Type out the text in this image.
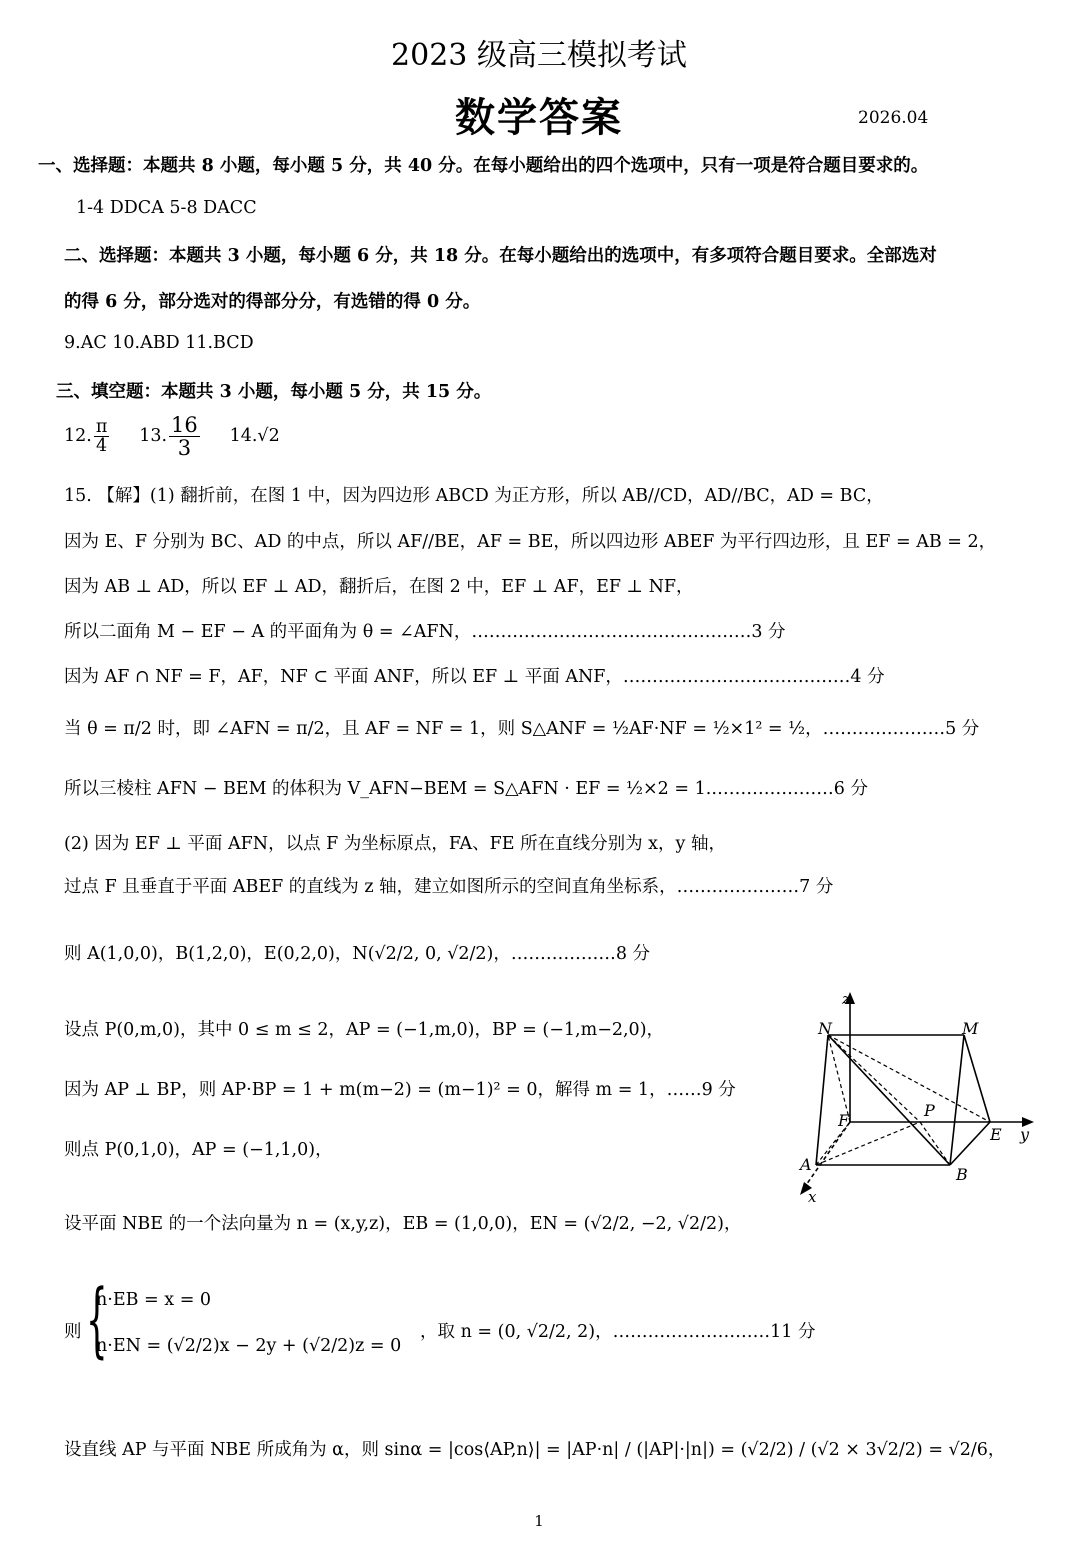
2023 级高三模拟考试
数学答案	2026.04
一、选择题：本题共 8 小题，每小题 5 分，共 40 分。在每小题给出的四个选项中，只有一项是符合题目要求的。
1-4 DDCA 5-8 DACC
二、选择题：本题共 3 小题，每小题 6 分，共 18 分。在每小题给出的选项中，有多项符合题目要求。全部选对
的得 6 分，部分选对的得部分分，有选错的得 0 分。
9.AC 10.ABD 11.BCD
三、填空题：本题共 3 小题，每小题 5 分，共 15 分。
12. $\frac{\pi}{4} 13$. $\frac{16}{3} 14.√2$
15. 【解】(1) 翻折前，在图 1 中，因为四边形 ABCD 为正方形，所以 AB//CD，AD//BC，AD = BC，
因为 E、F 分别为 BC、AD 的中点，所以 AF//BE，AF = BE，所以四边形 ABEF 为平行四边形，且 EF = AB = 2，
因为 AB ⊥ AD，所以 EF ⊥ AD，翻折后，在图 2 中，EF ⊥ AF，EF ⊥ NF，
所以二面角 M − EF − A 的平面角为 θ = ∠AFN，…………………………………………3 分
因为 AF ∩ NF = F，AF，NF ⊂ 平面 ANF，所以 EF ⊥ 平面 ANF，…………………………………4 分
当 θ = π/2 时，即 ∠AFN = π/2，且 AF = NF = 1，则 S△ANF = ½AF·NF = ½×1² = ½，…………………5 分
所以三棱柱 AFN − BEM 的体积为 V_AFN−BEM = S△AFN · EF = ½×2 = 1.…………………6 分
(2) 因为 EF ⊥ 平面 AFN，以点 F 为坐标原点，FA、FE 所在直线分别为 x，y 轴，
过点 F 且垂直于平面 ABEF 的直线为 z 轴，建立如图所示的空间直角坐标系，…………………7 分
则 A(1,0,0)，B(1,2,0)，E(0,2,0)，N(√2/2, 0, √2/2)，………………8 分
设点 P(0,m,0)，其中 0 ≤ m ≤ 2，AP = (−1,m,0)，BP = (−1,m−2,0)，
因为 AP ⊥ BP，则 AP·BP = 1 + m(m−2) = (m−1)² = 0，解得 m = 1，……9 分
则点 P(0,1,0)，AP = (−1,1,0)，
设平面 NBE 的一个法向量为 n = (x,y,z)，EB = (1,0,0)，EN = (√2/2, −2, √2/2)，
则 {
n·EB = x = 0
n·EN = (√2/2)x − 2y + (√2/2)z = 0
，取 n = (0, √2/2, 2)，………………………11 分
设直线 AP 与平面 NBE 所成角为 α，则 sinα = |cos⟨AP,n⟩| = |AP·n| / (|AP|·|n|) = (√2/2) / (√2 × 3√2/2) = √2/6，
z
N	M
F
P
E y
A
B
x
1
